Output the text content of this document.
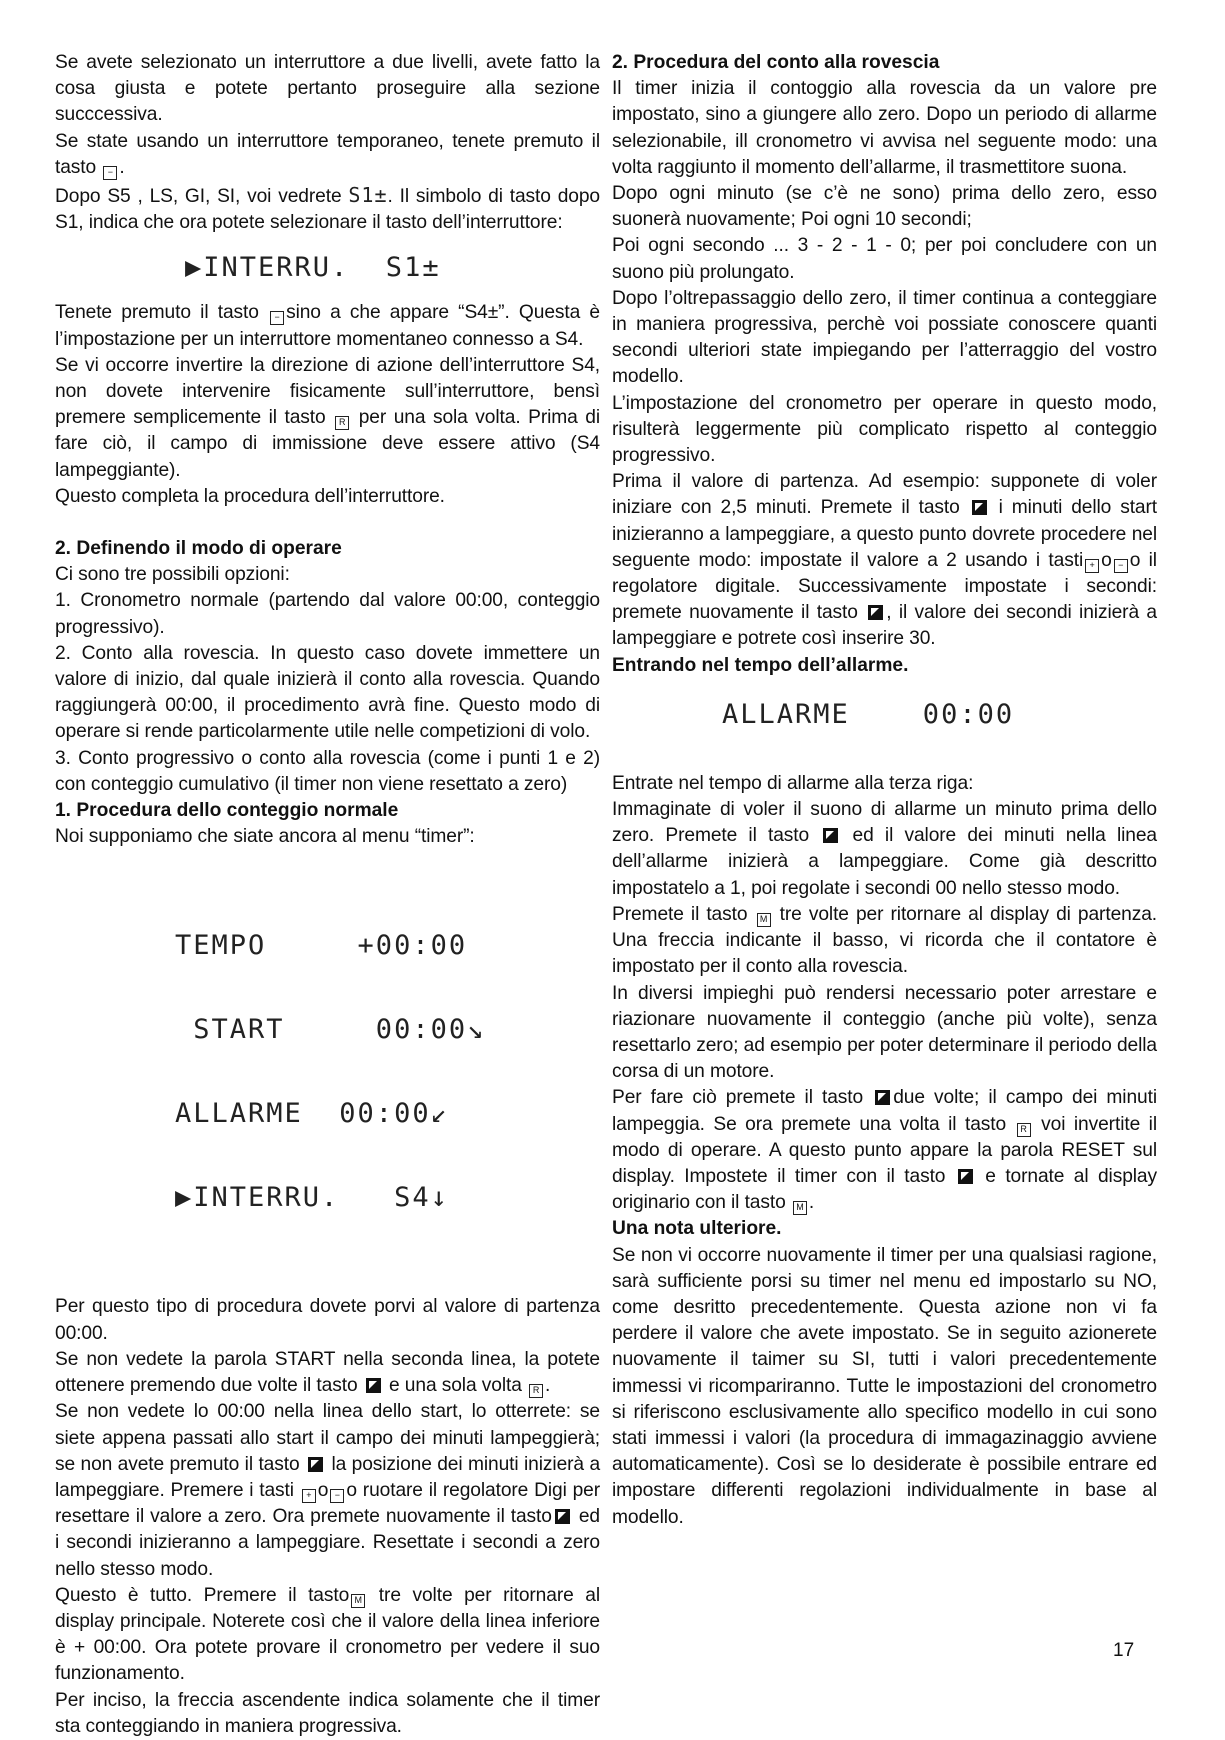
Se avete selezionato un interruttore a due livelli, avete fatto la cosa giusta e potete pertanto proseguire alla sezione succcessiva.

Se state usando un interruttore temporaneo, tenete premuto il tasto − .

Dopo S5 , LS, GI, SI, voi vedrete S1±. Il simbolo di tasto dopo S1, indica che ora potete selezionare il tasto dell’interruttore:

▶INTERRU.  S1±

Tenete premuto il tasto − sino a che appare “S4±”. Questa è l’impostazione per un interruttore momentaneo connesso a S4.

Se vi occorre invertire la direzione di azione dell’interruttore S4, non dovete intervenire fisicamente sull’interruttore, bensì premere semplicemente il tasto R per una sola volta. Prima di fare ciò, il campo di immissione deve essere attivo (S4 lampeggiante).

Questo completa la procedura dell’interruttore.

2. Definendo il modo di operare

Ci sono tre possibili opzioni:

1. Cronometro normale (partendo dal valore 00:00, conteggio progressivo).

2. Conto alla rovescia. In questo caso dovete immettere un valore di inizio, dal quale inizierà il conto alla rovescia. Quando raggiungerà 00:00, il procedimento avrà fine. Questo modo di operare si rende particolarmente utile nelle competizioni di volo.

3. Conto progressivo o conto alla rovescia (come i punti 1 e 2) con conteggio cumulativo (il timer non viene resettato a zero)

1. Procedura dello conteggio normale

Noi supponiamo che siate ancora al menu “timer”:

TEMPO     +00:00

START     00:00↘

ALLARME  00:00↙

▶INTERRU.   S4↓

Per questo tipo di procedura dovete porvi al valore di partenza 00:00.

Se non vedete la parola START nella seconda linea, la potete ottenere premendo due volte il tasto e una sola volta R .

Se non vedete lo 00:00 nella linea dello start, lo otterrete: se siete appena passati allo start il campo dei minuti lampeggierà; se non avete premuto il tasto la posizione dei minuti inizierà a lampeggiare. Premere i tasti + o − o ruotare il regolatore Digi per resettare il valore a zero. Ora premete nuovamente il tasto ed i secondi inizieranno a lampeggiare. Resettate i secondi a zero nello stesso modo.

Questo è tutto. Premere il tasto M tre volte per ritornare al display principale. Noterete così che il valore della linea inferiore è + 00:00. Ora potete provare il cronometro per vedere il suo funzionamento.

Per inciso, la freccia ascendente indica solamente che il timer sta conteggiando in maniera progressiva.

2. Procedura del conto alla rovescia

Il timer inizia il contoggio alla rovescia da un valore pre impostato, sino a giungere allo zero. Dopo un periodo di allarme selezionabile, ill cronometro vi avvisa nel seguente modo: una volta raggiunto il momento dell’allarme, il trasmettitore suona.

Dopo ogni minuto (se c’è ne sono) prima dello zero, esso suonerà nuovamente; Poi ogni 10 secondi;

Poi ogni secondo ... 3 - 2 - 1 - 0; per poi concludere con un suono più prolungato.

Dopo l’oltrepassaggio dello zero, il timer continua a conteggiare in maniera progressiva, perchè voi possiate conoscere quanti secondi ulteriori state impiegando per l’atterraggio del vostro modello.

L’impostazione del cronometro per operare in questo modo, risulterà leggermente più complicato rispetto al conteggio progressivo.

Prima il valore di partenza. Ad esempio: supponete di voler iniziare con 2,5 minuti. Premete il tasto i minuti dello start inizieranno a lampeggiare, a questo punto dovrete procedere nel seguente modo: impostate il valore a 2 usando i tasti + o − o il regolatore digitale. Successivamente impostate i secondi: premete nuovamente il tasto , il valore dei secondi inizierà a lampeggiare e potrete così inserire 30.

Entrando nel tempo dell’allarme.

ALLARME    00:00

Entrate nel tempo di allarme alla terza riga:

Immaginate di voler il suono di allarme un minuto prima dello zero. Premete il tasto ed il valore dei minuti nella linea dell’allarme inizierà a lampeggiare. Come già descritto impostatelo a 1, poi regolate i secondi 00 nello stesso modo.

Premete il tasto M tre volte per ritornare al display di partenza. Una freccia indicante il basso, vi ricorda che il contatore è impostato per il conto alla rovescia.

In diversi impieghi può rendersi necessario poter arrestare e riazionare nuovamente il conteggio (anche più volte), senza resettarlo zero; ad esempio per poter determinare il periodo della corsa di un motore.

Per fare ciò premete il tasto due volte; il campo dei minuti lampeggia. Se ora premete una volta il tasto R voi invertite il modo di operare. A questo punto appare la parola RESET sul display. Impostete il timer con il tasto e tornate al display originario con il tasto M .

Una nota ulteriore.

Se non vi occorre nuovamente il timer per una qualsiasi ragione, sarà sufficiente porsi su timer nel menu ed impostarlo su NO, come desritto precedentemente. Questa azione non vi fa perdere il valore che avete impostato. Se in seguito azionerete nuovamente il taimer su SI, tutti i valori precedentemente immessi vi ricompariranno. Tutte le impostazioni del cronometro si riferiscono esclusivamente allo specifico modello in cui sono stati immessi i valori (la procedura di immagazinaggio avviene automaticamente). Così se lo desiderate è possibile entrare ed impostare differenti regolazioni individualmente in base al modello.

17
